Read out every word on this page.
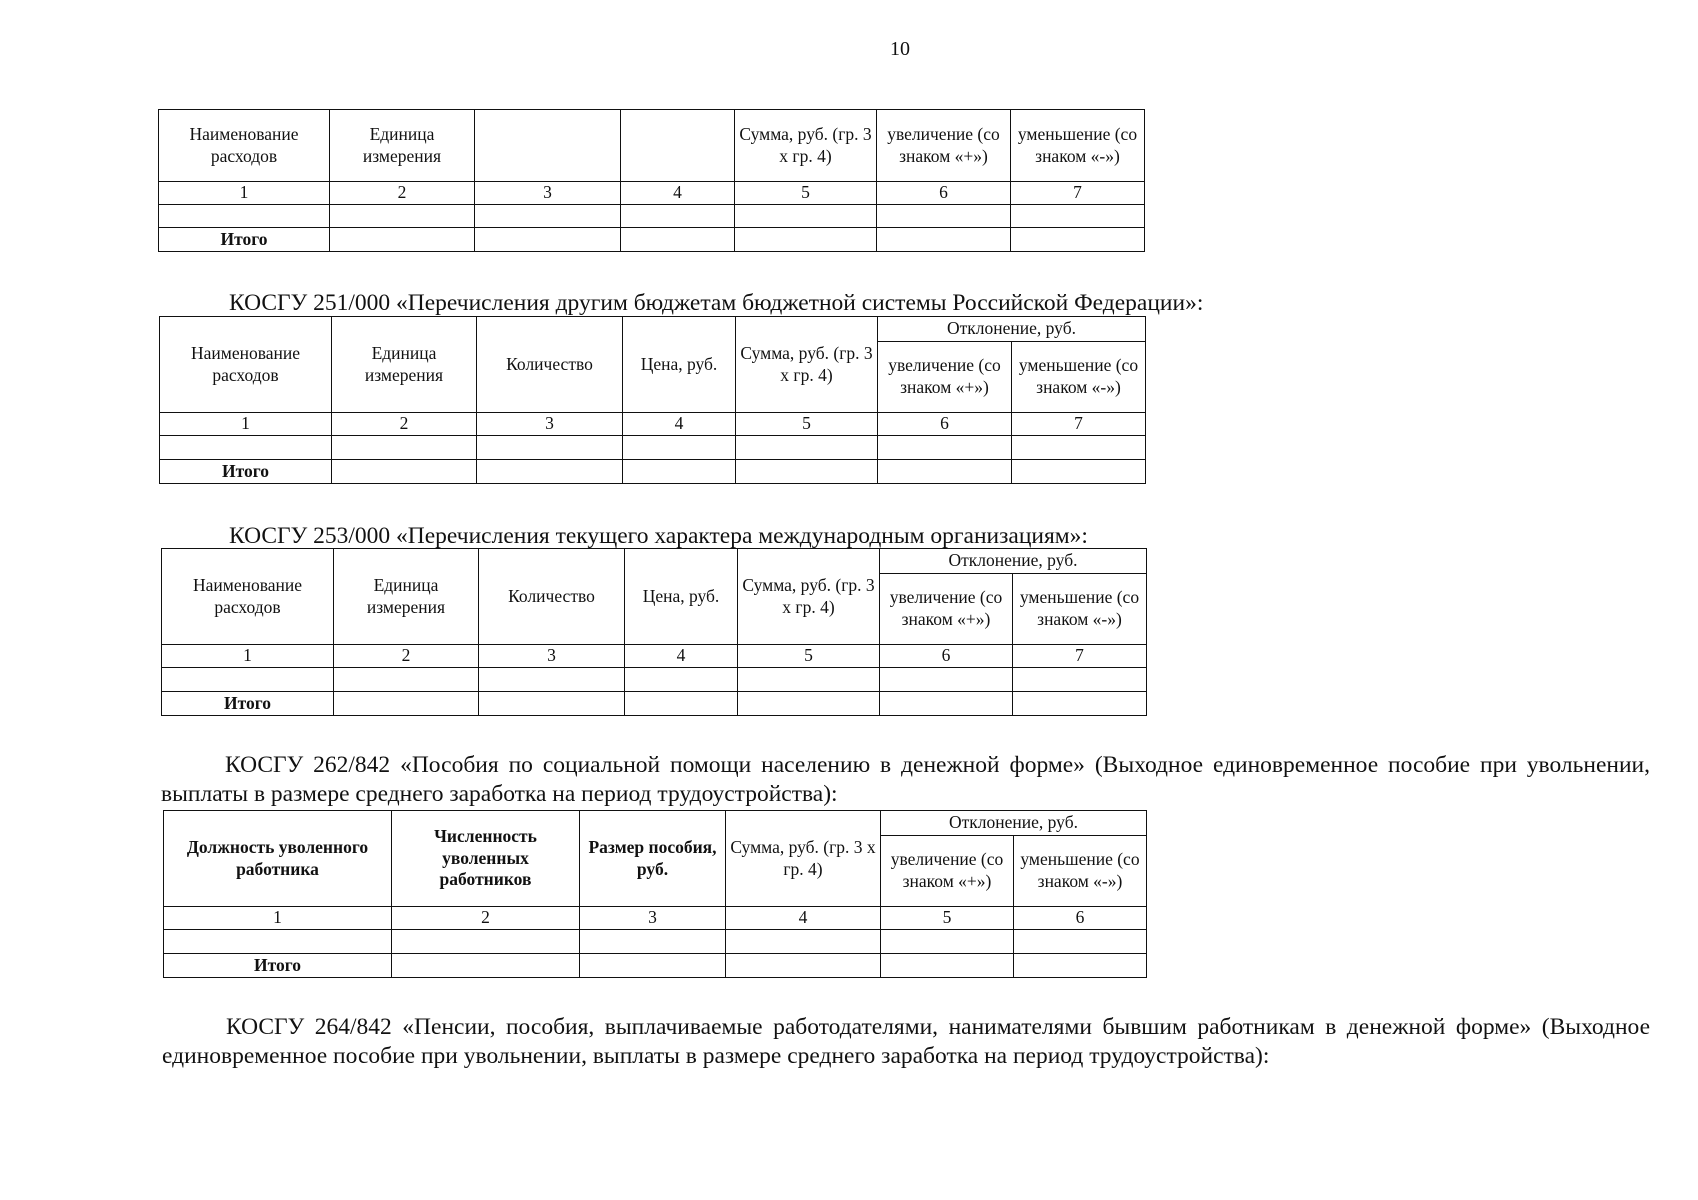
10
Наименование расходов	Единица измерения			Сумма, руб. (гр. 3 х гр. 4)	увеличение (со знаком «+»)	уменьшение (со знаком «-»)
1	2	3	4	5	6	7

Итого						
КОСГУ 251/000 «Перечисления другим бюджетам бюджетной системы Российской Федерации»:
Наименование расходов	Единица измерения	Количество	Цена, руб.	Сумма, руб. (гр. 3 х гр. 4)	Отклонение, руб.	
					увеличение (со знаком «+»)	уменьшение (со знаком «-»)
1	2	3	4	5	6	7

Итого						
КОСГУ 253/000 «Перечисления текущего характера международным организациям»:
Наименование расходов	Единица измерения	Количество	Цена, руб.	Сумма, руб. (гр. 3 х гр. 4)	Отклонение, руб.	
					увеличение (со знаком «+»)	уменьшение (со знаком «-»)
1	2	3	4	5	6	7

Итого						
КОСГУ 262/842 «Пособия по социальной помощи населению в денежной форме» (Выходное единовременное пособие при увольнении, выплаты в размере среднего заработка на период трудоустройства):
Должность уволенного работника	Численность уволенных работников	Размер пособия, руб.	Сумма, руб. (гр. 3 х гр. 4)	Отклонение, руб.	
				увеличение (со знаком «+»)	уменьшение (со знаком «-»)
1	2	3	4	5	6

Итого					
КОСГУ 264/842 «Пенсии, пособия, выплачиваемые работодателями, нанимателями бывшим работникам в денежной форме» (Выходное единовременное пособие при увольнении, выплаты в размере среднего заработка на период трудоустройства):
